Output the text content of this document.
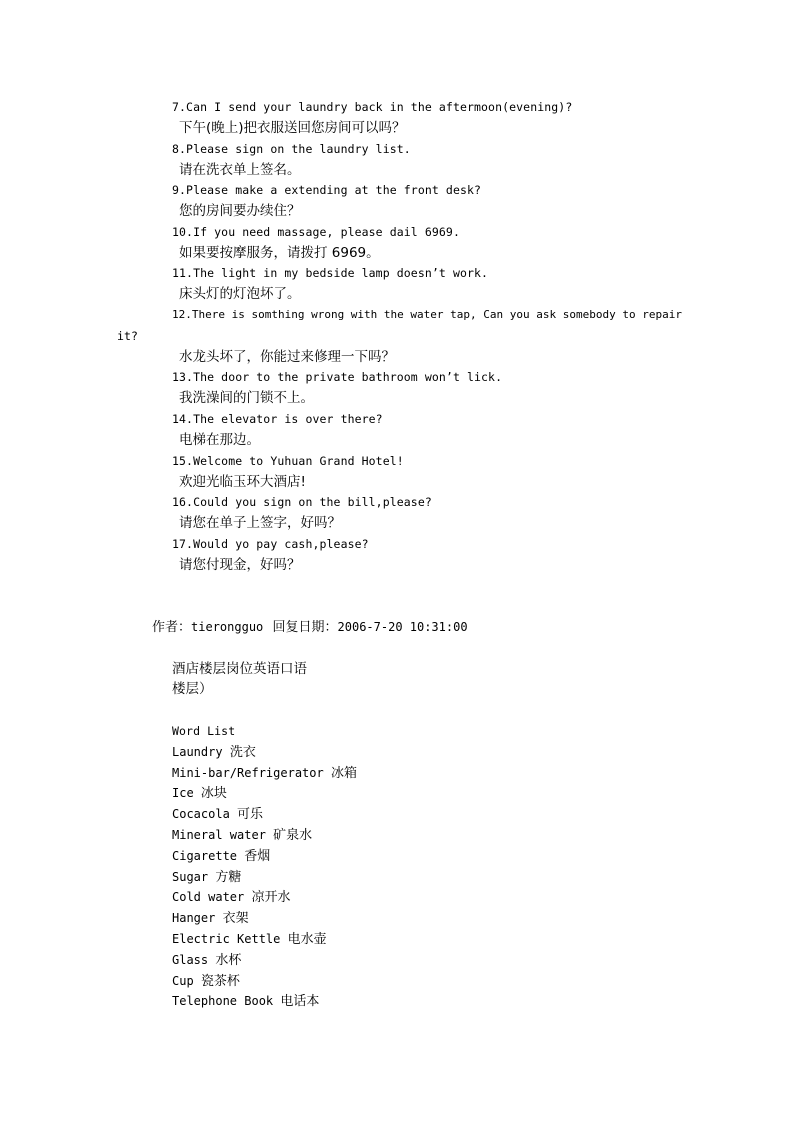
7.Can I send your laundry back in the aftermoon(evening)?
下午(晚上)把衣服送回您房间可以吗？
8.Please sign on the laundry list.
请在洗衣单上签名。
9.Please make a extending at the front desk?
您的房间要办续住？
10.If you need massage, please dail 6969.
如果要按摩服务，请拨打 6969。
11.The light in my bedside lamp doesn’t work.
床头灯的灯泡坏了。
12.There is somthing wrong with the water tap, Can you ask somebody to repair
it?
水龙头坏了，你能过来修理一下吗？
13.The door to the private bathroom won’t lick.
我洗澡间的门锁不上。
14.The elevator is over there?
电梯在那边。
15.Welcome to Yuhuan Grand Hotel!
欢迎光临玉环大酒店!
16.Could you sign on the bill,please?
请您在单子上签字，好吗？
17.Would yo pay cash,please?
请您付现金，好吗？
作者：tierongguo 回复日期：2006-7-20 10:31:00
酒店楼层岗位英语口语
楼层）
Word List
Laundry 洗衣
Mini-bar/Refrigerator 冰箱
Ice 冰块
Cocacola 可乐
Mineral water 矿泉水
Cigarette 香烟
Sugar 方糖
Cold water 凉开水
Hanger 衣架
Electric Kettle 电水壶
Glass 水杯
Cup 瓷茶杯
Telephone Book 电话本
